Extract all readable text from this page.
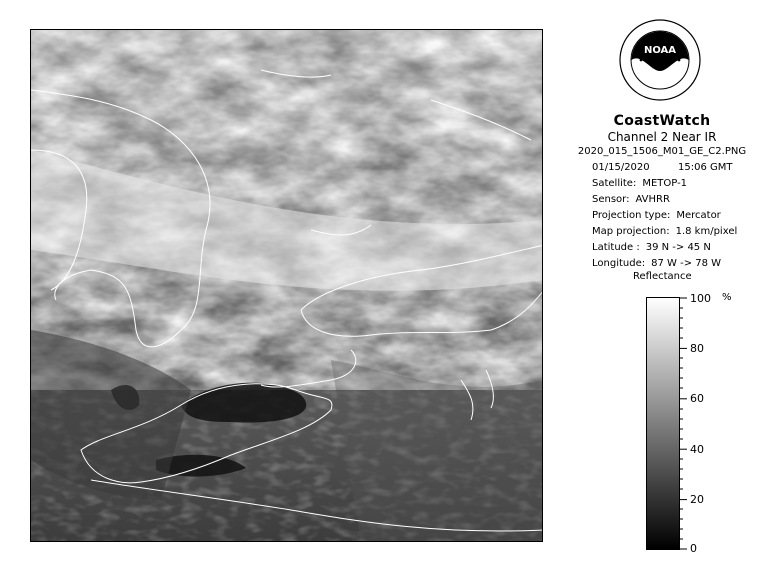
NOAA
CoastWatch
Channel 2 Near IR
2020_015_1506_M01_GE_C2.PNG
01/15/2020	15:06 GMT
Satellite: METOP-1
Sensor: AVHRR
Projection type: Mercator
Map projection: 1.8 km/pixel
Latitude : 39 N -> 45 N
Longitude: 87 W -> 78 W
Reflectance
100
80
60
40
20
0
%
